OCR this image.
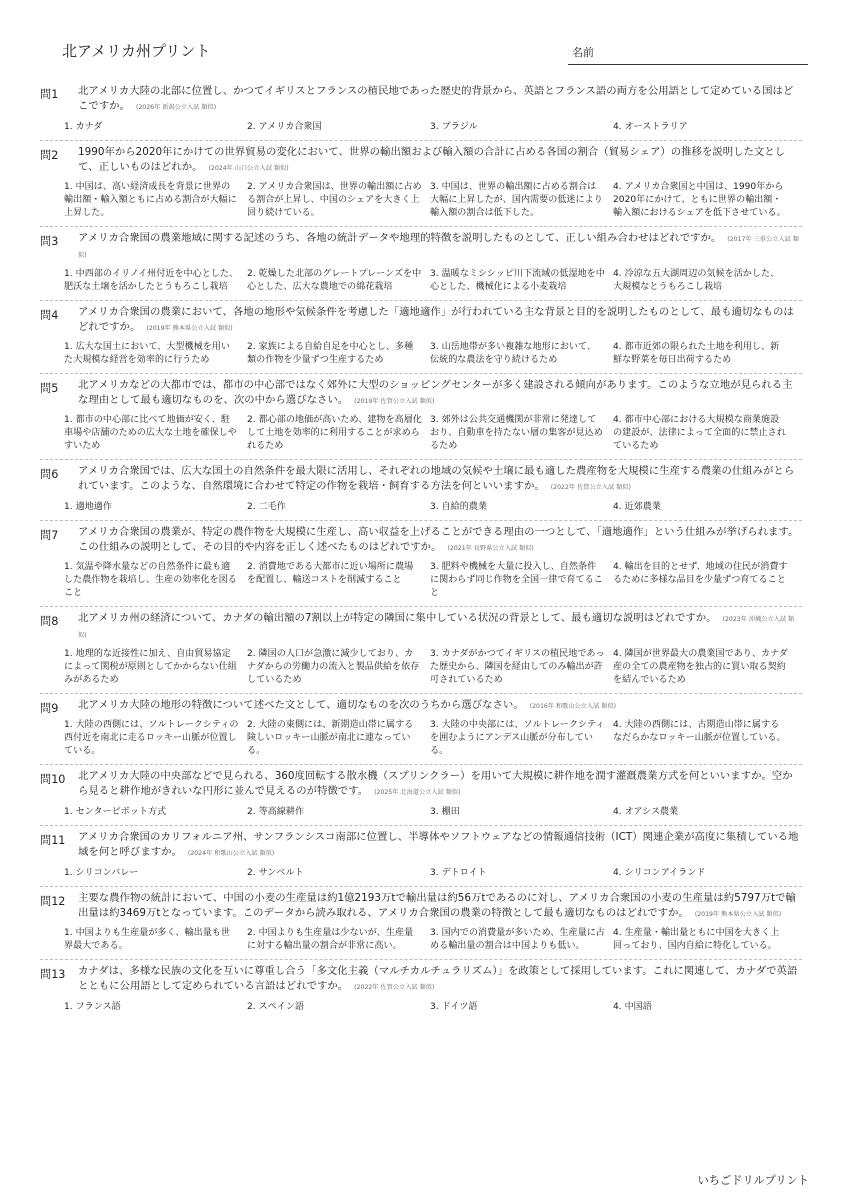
北アメリカ州プリント	名前
問1	北アメリカ大陸の北部に位置し、かつてイギリスとフランスの植民地であった歴史的背景から、英語とフランス語の両方を公用語として定めている国はどこですか。 (2026年 新潟公立入試 類似)
1. カナダ	2. アメリカ合衆国	3. ブラジル	4. オーストラリア
問2	1990年から2020年にかけての世界貿易の変化において、世界の輸出額および輸入額の合計に占める各国の割合（貿易シェア）の推移を説明した文として、正しいものはどれか。 (2024年 山口公立入試 類似)
1. 中国は、高い経済成長を背景に世界の輸出額・輸入額ともに占める割合が大幅に上昇した。
2. アメリカ合衆国は、世界の輸出額に占める割合が上昇し、中国のシェアを大きく上回り続けている。
3. 中国は、世界の輸出額に占める割合は大幅に上昇したが、国内需要の低迷により輸入額の割合は低下した。
4. アメリカ合衆国と中国は、1990年から2020年にかけて、ともに世界の輸出額・輸入額におけるシェアを低下させている。
問3	アメリカ合衆国の農業地域に関する記述のうち、各地の統計データや地理的特徴を説明したものとして、正しい組み合わせはどれですか。 (2017年 三重公立入試 類似)
1. 中西部のイリノイ州付近を中心とした、肥沃な土壌を活かしたとうもろこし栽培
2. 乾燥した北部のグレートプレーンズを中心とした、広大な農地での綿花栽培
3. 温暖なミシシッピ川下流域の低湿地を中心とした、機械化による小麦栽培
4. 冷涼な五大湖周辺の気候を活かした、大規模なとうもろこし栽培
問4	アメリカ合衆国の農業において、各地の地形や気候条件を考慮した「適地適作」が行われている主な背景と目的を説明したものとして、最も適切なものはどれですか。 (2019年 熊本県公立入試 類似)
1. 広大な国土において、大型機械を用いた大規模な経営を効率的に行うため
2. 家族による自給自足を中心とし、多種類の作物を少量ずつ生産するため
3. 山岳地帯が多い複雑な地形において、伝統的な農法を守り続けるため
4. 都市近郊の限られた土地を利用し、新鮮な野菜を毎日出荷するため
問5	北アメリカなどの大都市では、都市の中心部ではなく郊外に大型のショッピングセンターが多く建設される傾向があります。このような立地が見られる主な理由として最も適切なものを、次の中から選びなさい。 (2019年 佐賀公立入試 類似)
1. 都市の中心部に比べて地価が安く、駐車場や店舗のための広大な土地を確保しやすいため
2. 都心部の地価が高いため、建物を高層化して土地を効率的に利用することが求められるため
3. 郊外は公共交通機関が非常に発達しており、自動車を持たない層の集客が見込めるため
4. 都市中心部における大規模な商業施設の建設が、法律によって全面的に禁止されているため
問6	アメリカ合衆国では、広大な国土の自然条件を最大限に活用し、それぞれの地域の気候や土壌に最も適した農産物を大規模に生産する農業の仕組みがとられています。このような、自然環境に合わせて特定の作物を栽培・飼育する方法を何といいますか。 (2022年 佐賀公立入試 類似)
1. 適地適作	2. 二毛作	3. 自給的農業	4. 近郊農業
問7	アメリカ合衆国の農業が、特定の農作物を大規模に生産し、高い収益を上げることができる理由の一つとして、「適地適作」という仕組みが挙げられます。この仕組みの説明として、その目的や内容を正しく述べたものはどれですか。 (2021年 長野県公立入試 類似)
1. 気温や降水量などの自然条件に最も適した農作物を栽培し、生産の効率化を図ること
2. 消費地である大都市に近い場所に農場を配置し、輸送コストを削減すること
3. 肥料や機械を大量に投入し、自然条件に関わらず同じ作物を全国一律で育てること
4. 輸出を目的とせず、地域の住民が消費するために多様な品目を少量ずつ育てること
問8	北アメリカ州の経済について、カナダの輸出額の7割以上が特定の隣国に集中している状況の背景として、最も適切な説明はどれですか。 (2023年 沖縄公立入試 類似)
1. 地理的な近接性に加え、自由貿易協定によって関税が原則としてかからない仕組みがあるため
2. 隣国の人口が急激に減少しており、カナダからの労働力の流入と製品供給を依存しているため
3. カナダがかつてイギリスの植民地であった歴史から、隣国を経由してのみ輸出が許可されているため
4. 隣国が世界最大の農業国であり、カナダ産の全ての農産物を独占的に買い取る契約を結んでいるため
問9	北アメリカ大陸の地形の特徴について述べた文として、適切なものを次のうちから選びなさい。 (2016年 和歌山公立入試 類似)
1. 大陸の西側には、ソルトレークシティの西付近を南北に走るロッキー山脈が位置している。
2. 大陸の東側には、新期造山帯に属する険しいロッキー山脈が南北に連なっている。
3. 大陸の中央部には、ソルトレークシティを囲むようにアンデス山脈が分布している。
4. 大陸の西側には、古期造山帯に属するなだらかなロッキー山脈が位置している。
問10	北アメリカ大陸の中央部などで見られる、360度回転する散水機（スプリンクラー）を用いて大規模に耕作地を潤す灌漑農業方式を何といいますか。空から見ると耕作地がきれいな円形に並んで見えるのが特徴です。 (2025年 北海道公立入試 類似)
1. センターピボット方式	2. 等高線耕作	3. 棚田	4. オアシス農業
問11	アメリカ合衆国のカリフォルニア州、サンフランシスコ南部に位置し、半導体やソフトウェアなどの情報通信技術（ICT）関連企業が高度に集積している地域を何と呼びますか。 (2024年 和歌山公立入試 類似)
1. シリコンバレー	2. サンベルト	3. デトロイト	4. シリコンアイランド
問12	主要な農作物の統計において、中国の小麦の生産量は約1億2193万tで輸出量は約56万tであるのに対し、アメリカ合衆国の小麦の生産量は約5797万tで輸出量は約3469万tとなっています。このデータから読み取れる、アメリカ合衆国の農業の特徴として最も適切なものはどれですか。 (2019年 熊本県公立入試 類似)
1. 中国よりも生産量が多く、輸出量も世界最大である。
2. 中国よりも生産量は少ないが、生産量に対する輸出量の割合が非常に高い。
3. 国内での消費量が多いため、生産量に占める輸出量の割合は中国よりも低い。
4. 生産量・輸出量ともに中国を大きく上回っており、国内自給に特化している。
問13	カナダは、多様な民族の文化を互いに尊重し合う「多文化主義（マルチカルチュラリズム）」を政策として採用しています。これに関連して、カナダで英語とともに公用語として定められている言語はどれですか。 (2022年 佐賀公立入試 類似)
1. フランス語	2. スペイン語	3. ドイツ語	4. 中国語
いちごドリルプリント
